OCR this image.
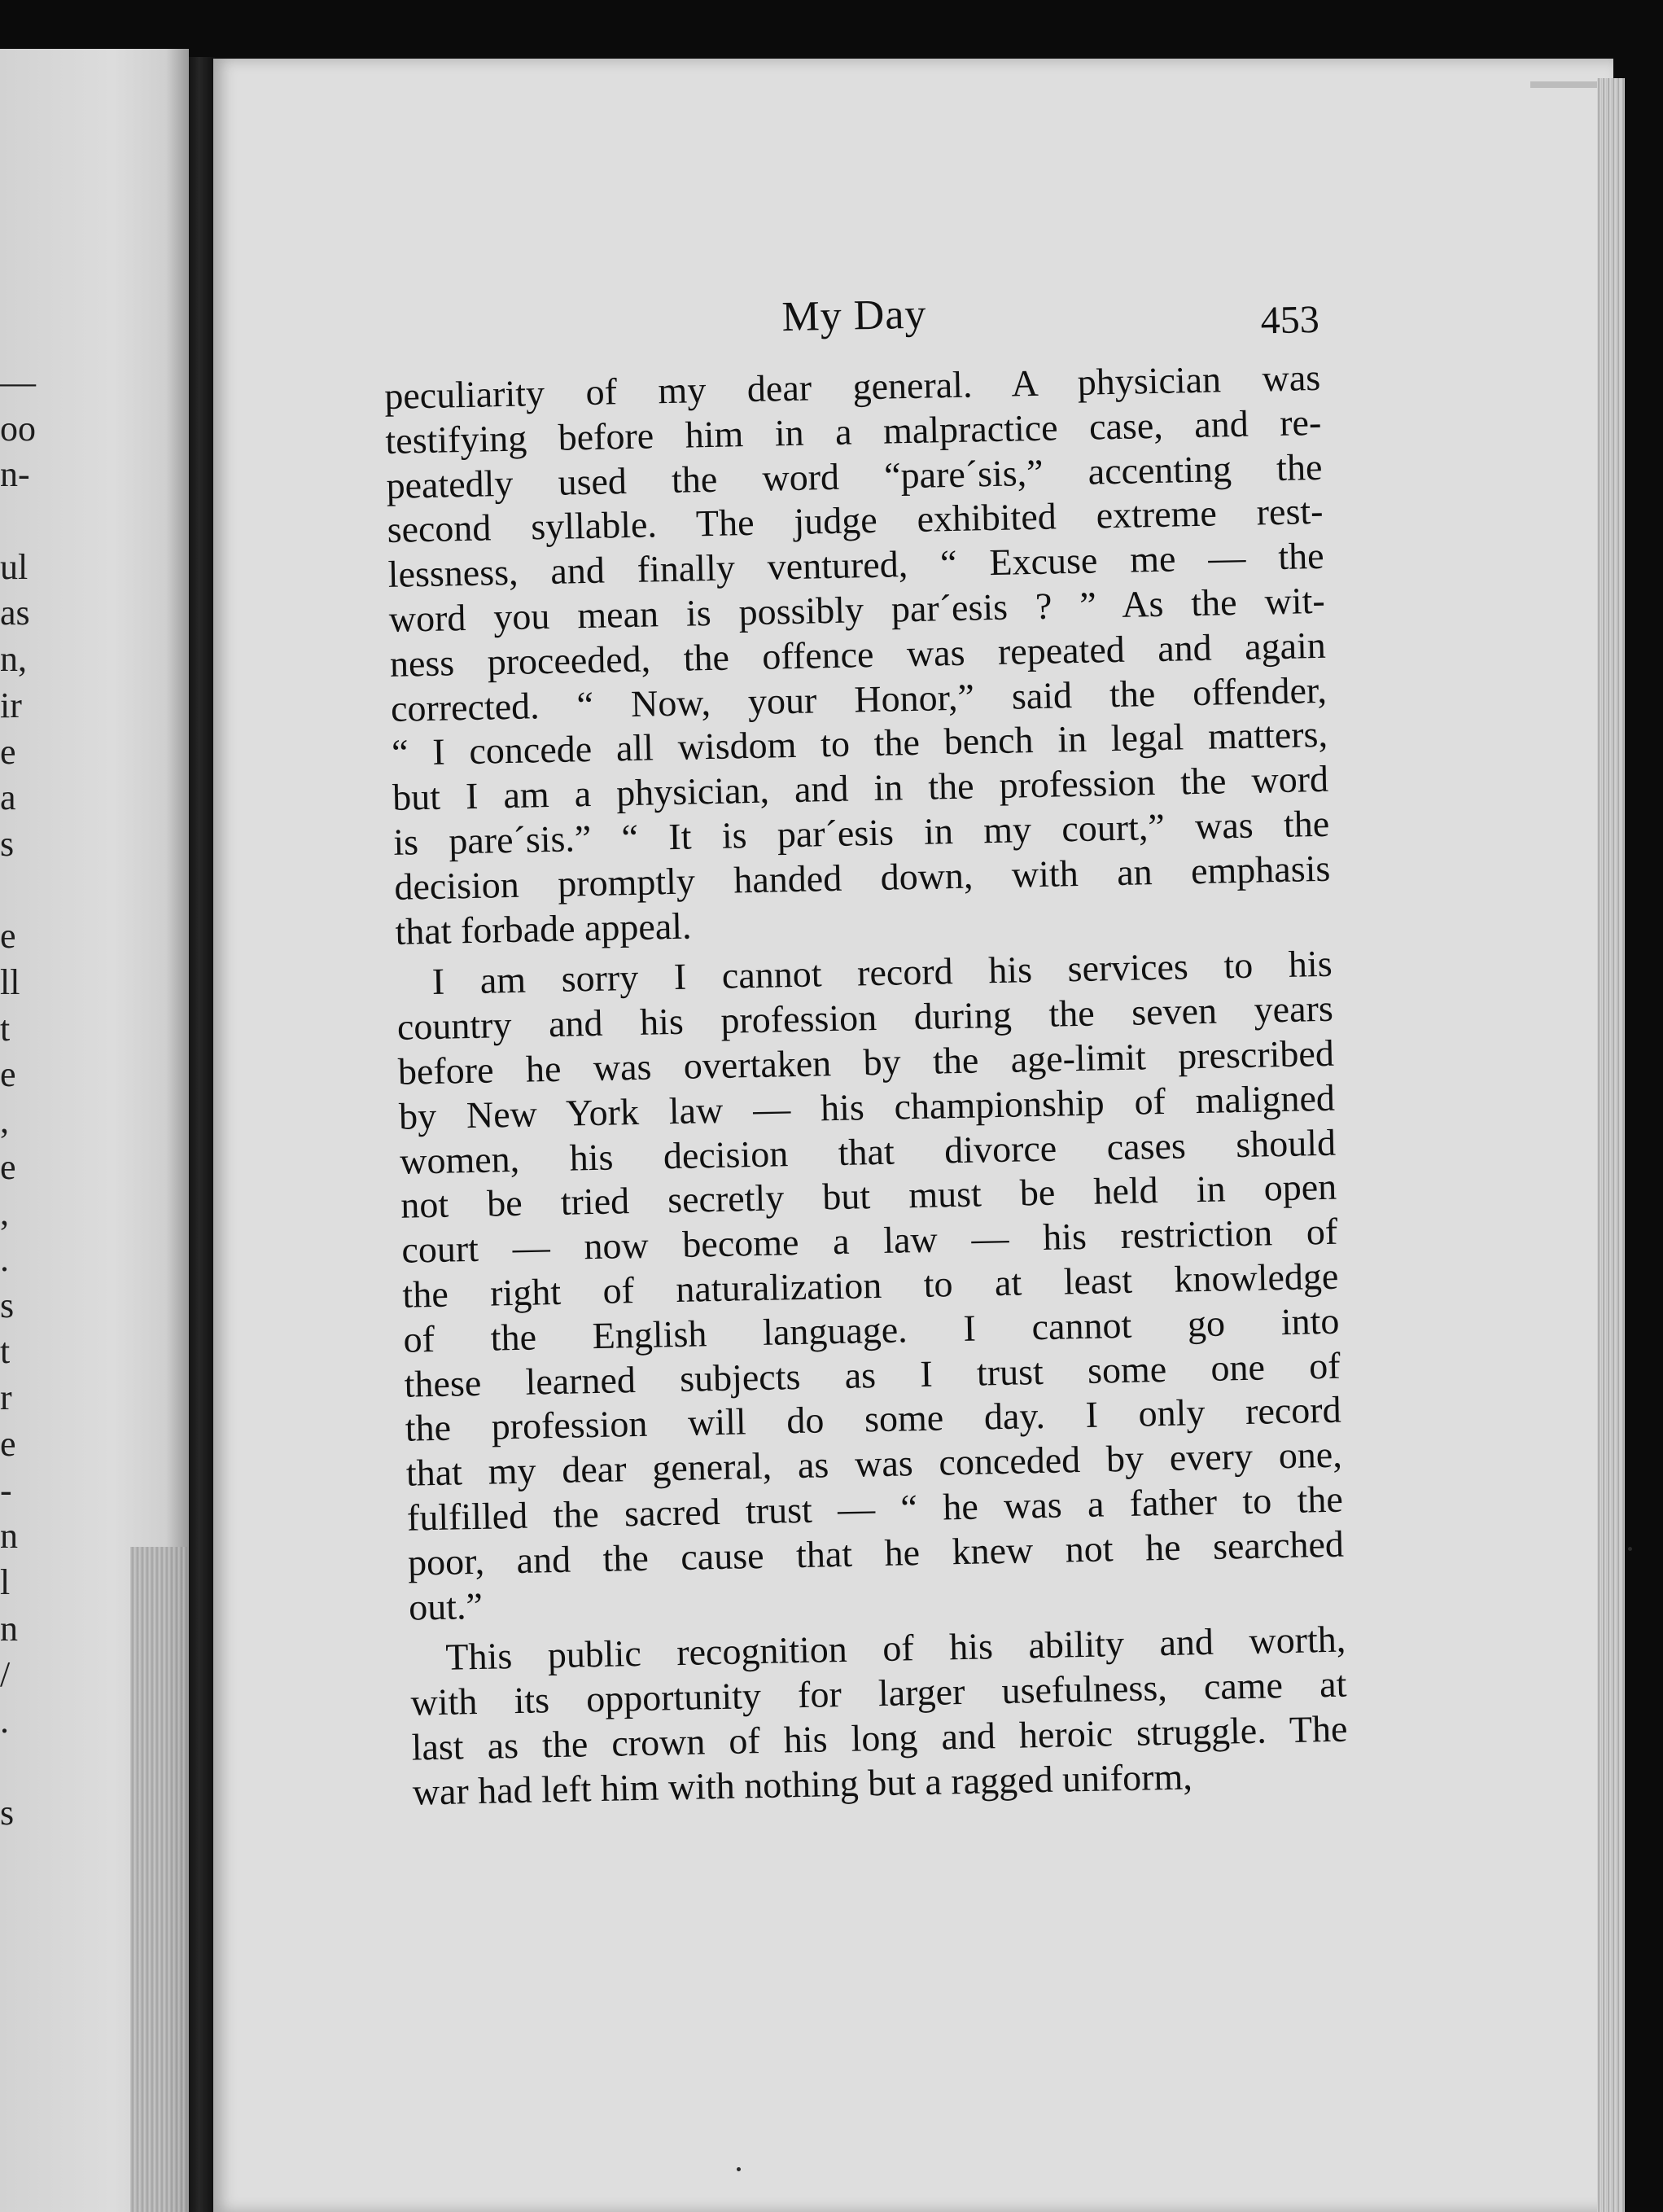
—
oo
n-
ul
as
n,
ir
e
a
s
e
ll
t
e
,
e
,
.
s
t
r
e
-
n
l
n
/
.
s
My Day	453
peculiarity of my dear general. A physician was
testifying before him in a malpractice case, and re-
peatedly used the word “pare´sis,” accenting the
second syllable. The judge exhibited extreme rest-
lessness, and finally ventured, “ Excuse me — the
word you mean is possibly par´esis ? ” As the wit-
ness proceeded, the offence was repeated and again
corrected. “ Now, your Honor,” said the offender,
“ I concede all wisdom to the bench in legal matters,
but I am a physician, and in the profession the word
is pare´sis.” “ It is par´esis in my court,” was the
decision promptly handed down, with an emphasis
that forbade appeal.
I am sorry I cannot record his services to his
country and his profession during the seven years
before he was overtaken by the age-limit prescribed
by New York law — his championship of maligned
women, his decision that divorce cases should
not be tried secretly but must be held in open
court — now become a law — his restriction of
the right of naturalization to at least knowledge
of the English language. I cannot go into
these learned subjects as I trust some one of
the profession will do some day. I only record
that my dear general, as was conceded by every one,
fulfilled the sacred trust — “ he was a father to the
poor, and the cause that he knew not he searched
out.”
This public recognition of his ability and worth,
with its opportunity for larger usefulness, came at
last as the crown of his long and heroic struggle. The
war had left him with nothing but a ragged uniform,
